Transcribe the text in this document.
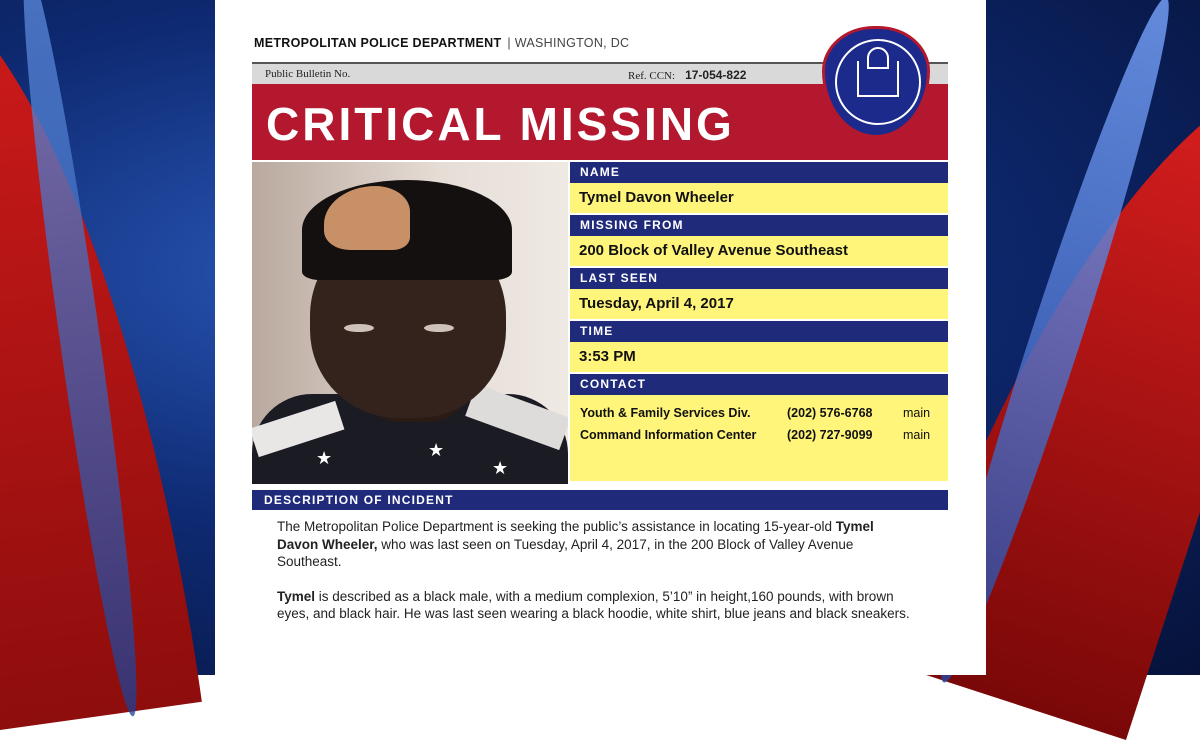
METROPOLITAN POLICE DEPARTMENT | WASHINGTON, DC
Public Bulletin No.	Ref. CCN: 17-054-822
CRITICAL MISSING
★	★
★
NAME
Tymel Davon Wheeler
MISSING FROM
200 Block of Valley Avenue Southeast
LAST SEEN
Tuesday, April 4, 2017
TIME
3:53 PM
CONTACT
Youth & Family Services Div.	(202) 576-6768 main
Command Information Center (202) 727-9099 main
DESCRIPTION OF INCIDENT

The Metropolitan Police Department is seeking the public’s assistance in locating 15-year-old Tymel Davon Wheeler, who was last seen on Tuesday, April 4, 2017, in the 200 Block of Valley Avenue Southeast.

Tymel is described as a black male, with a medium complexion, 5’10” in height,160 pounds, with brown eyes, and black hair. He was last seen wearing a black hoodie, white shirt, blue jeans and black sneakers.
